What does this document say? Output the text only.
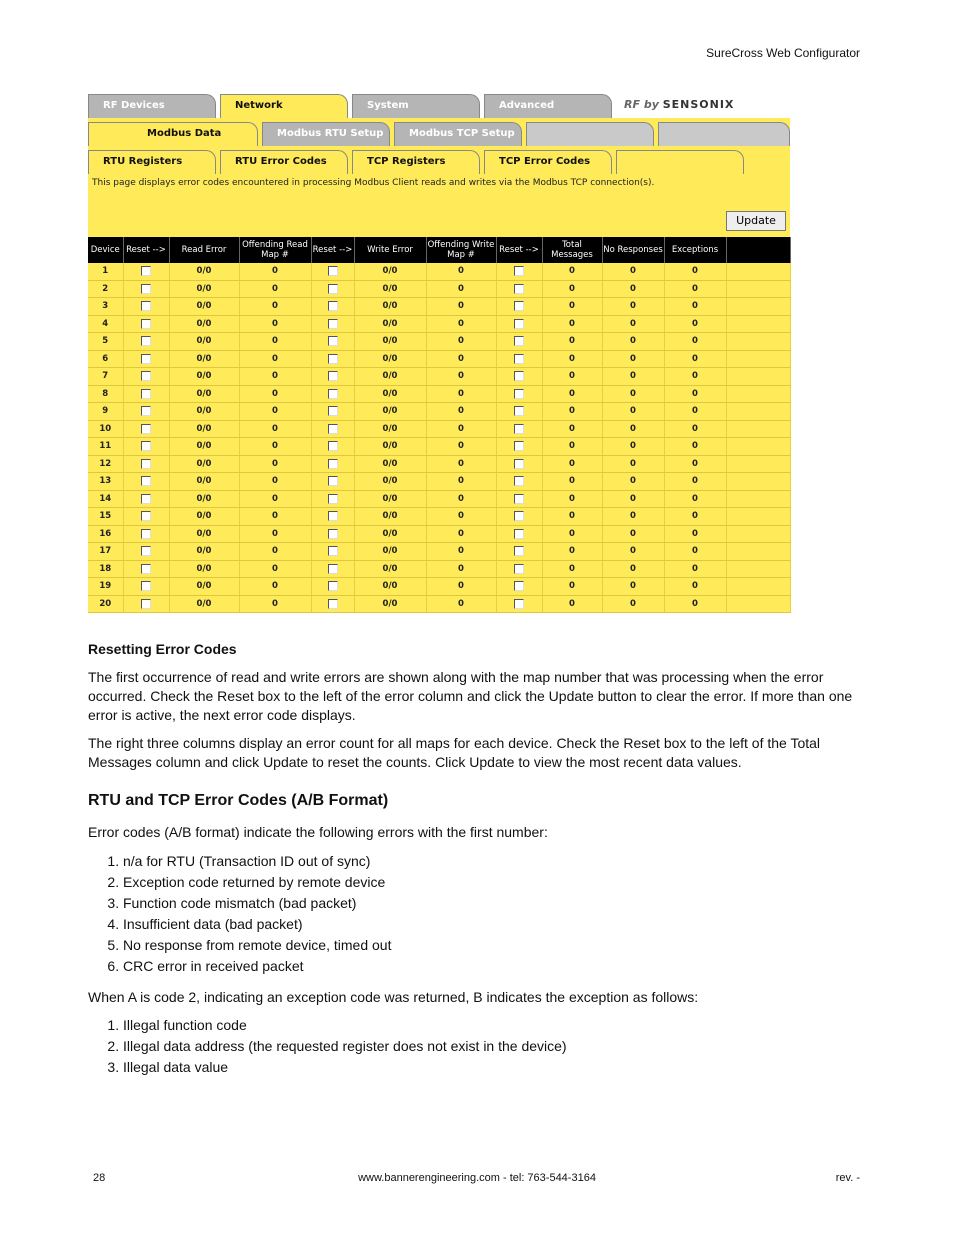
SureCross Web Configurator
RF Devices	Network	System	Advanced	RF by SENSONIX
Modbus Data	Modbus RTU Setup	Modbus TCP Setup
RTU Registers	RTU Error Codes	TCP Registers	TCP Error Codes
This page displays error codes encountered in processing Modbus Client reads and writes via the Modbus TCP connection(s).
Update
Device	Reset -->	Read Error	Offending Read Map #	Reset -->	Write Error	Offending Write Map #	Reset -->	Total Messages	No Responses	Exceptions	
1		0/0	0		0/0	0		0	0	0	
2		0/0	0		0/0	0		0	0	0	
3		0/0	0		0/0	0		0	0	0	
4		0/0	0		0/0	0		0	0	0	
5		0/0	0		0/0	0		0	0	0	
6		0/0	0		0/0	0		0	0	0	
7		0/0	0		0/0	0		0	0	0	
8		0/0	0		0/0	0		0	0	0	
9		0/0	0		0/0	0		0	0	0	
10		0/0	0		0/0	0		0	0	0	
11		0/0	0		0/0	0		0	0	0	
12		0/0	0		0/0	0		0	0	0	
13		0/0	0		0/0	0		0	0	0	
14		0/0	0		0/0	0		0	0	0	
15		0/0	0		0/0	0		0	0	0	
16		0/0	0		0/0	0		0	0	0	
17		0/0	0		0/0	0		0	0	0	
18		0/0	0		0/0	0		0	0	0	
19		0/0	0		0/0	0		0	0	0	
20		0/0	0		0/0	0		0	0	0	
Resetting Error Codes
The first occurrence of read and write errors are shown along with the map number that was processing when the error occurred. Check the Reset box to the left of the error column and click the Update button to clear the error. If more than one error is active, the next error code displays.
The right three columns display an error count for all maps for each device. Check the Reset box to the left of the Total Messages column and click Update to reset the counts. Click Update to view the most recent data values.
RTU and TCP Error Codes (A/B Format)
Error codes (A/B format) indicate the following errors with the first number:
1. n/a for RTU (Transaction ID out of sync)
2. Exception code returned by remote device
3. Function code mismatch (bad packet)
4. Insufficient data (bad packet)
5. No response from remote device, timed out
6. CRC error in received packet
When A is code 2, indicating an exception code was returned, B indicates the exception as follows:
1. Illegal function code
2. Illegal data address (the requested register does not exist in the device)
3. Illegal data value
28	www.bannerengineering.com - tel: 763-544-3164	rev. -
